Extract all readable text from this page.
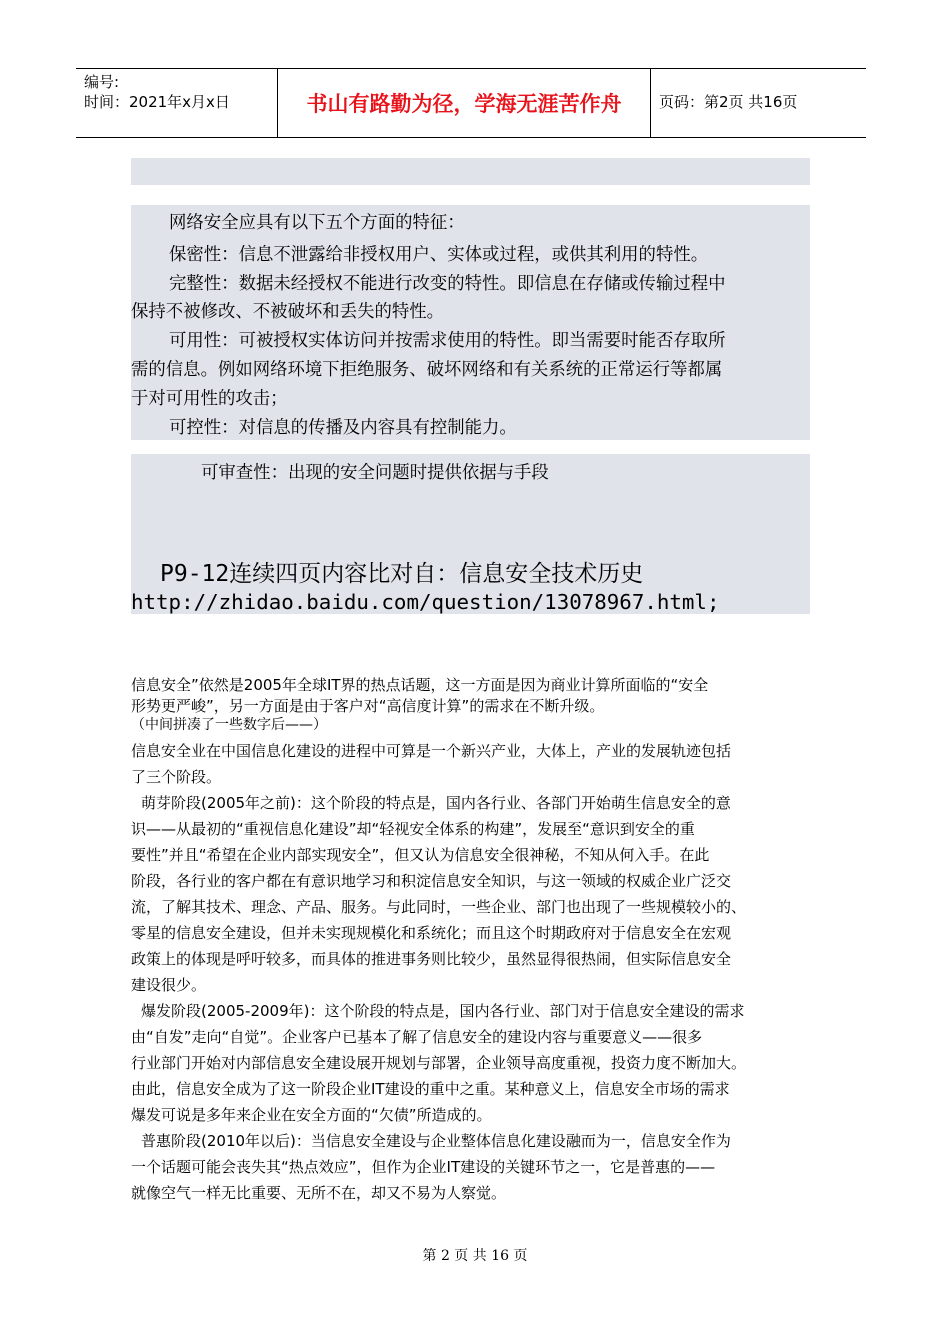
编号:
时间：2021年x月x日	书山有路勤为径，学海无涯苦作舟	页码：第2页 共16页
网络安全应具有以下五个方面的特征：
保密性：信息不泄露给非授权用户、实体或过程，或供其利用的特性。
完整性：数据未经授权不能进行改变的特性。即信息在存储或传输过程中
保持不被修改、不被破坏和丢失的特性。
可用性：可被授权实体访问并按需求使用的特性。即当需要时能否存取所
需的信息。例如网络环境下拒绝服务、破坏网络和有关系统的正常运行等都属
于对可用性的攻击；
可控性：对信息的传播及内容具有控制能力。
可审查性：出现的安全问题时提供依据与手段
P9-12连续四页内容比对自：信息安全技术历史
http://zhidao.baidu.com/question/13078967.html;
信息安全”依然是2005年全球IT界的热点话题，这一方面是因为商业计算所面临的“安全
形势更严峻”，另一方面是由于客户对“高信度计算”的需求在不断升级。
（中间拼凑了一些数字后——）
信息安全业在中国信息化建设的进程中可算是一个新兴产业，大体上，产业的发展轨迹包括
了三个阶段。
萌芽阶段(2005年之前)：这个阶段的特点是，国内各行业、各部门开始萌生信息安全的意
识——从最初的“重视信息化建设”却“轻视安全体系的构建”，发展至“意识到安全的重
要性”并且“希望在企业内部实现安全”，但又认为信息安全很神秘，不知从何入手。在此
阶段，各行业的客户都在有意识地学习和积淀信息安全知识，与这一领域的权威企业广泛交
流，了解其技术、理念、产品、服务。与此同时，一些企业、部门也出现了一些规模较小的、
零星的信息安全建设，但并未实现规模化和系统化；而且这个时期政府对于信息安全在宏观
政策上的体现是呼吁较多，而具体的推进事务则比较少，虽然显得很热闹，但实际信息安全
建设很少。
爆发阶段(2005-2009年)：这个阶段的特点是，国内各行业、部门对于信息安全建设的需求
由“自发”走向“自觉”。企业客户已基本了解了信息安全的建设内容与重要意义——很多
行业部门开始对内部信息安全建设展开规划与部署，企业领导高度重视，投资力度不断加大。
由此，信息安全成为了这一阶段企业IT建设的重中之重。某种意义上，信息安全市场的需求
爆发可说是多年来企业在安全方面的“欠债”所造成的。
普惠阶段(2010年以后)：当信息安全建设与企业整体信息化建设融而为一，信息安全作为
一个话题可能会丧失其“热点效应”，但作为企业IT建设的关键环节之一，它是普惠的——
就像空气一样无比重要、无所不在，却又不易为人察觉。
第 2 页 共 16 页
